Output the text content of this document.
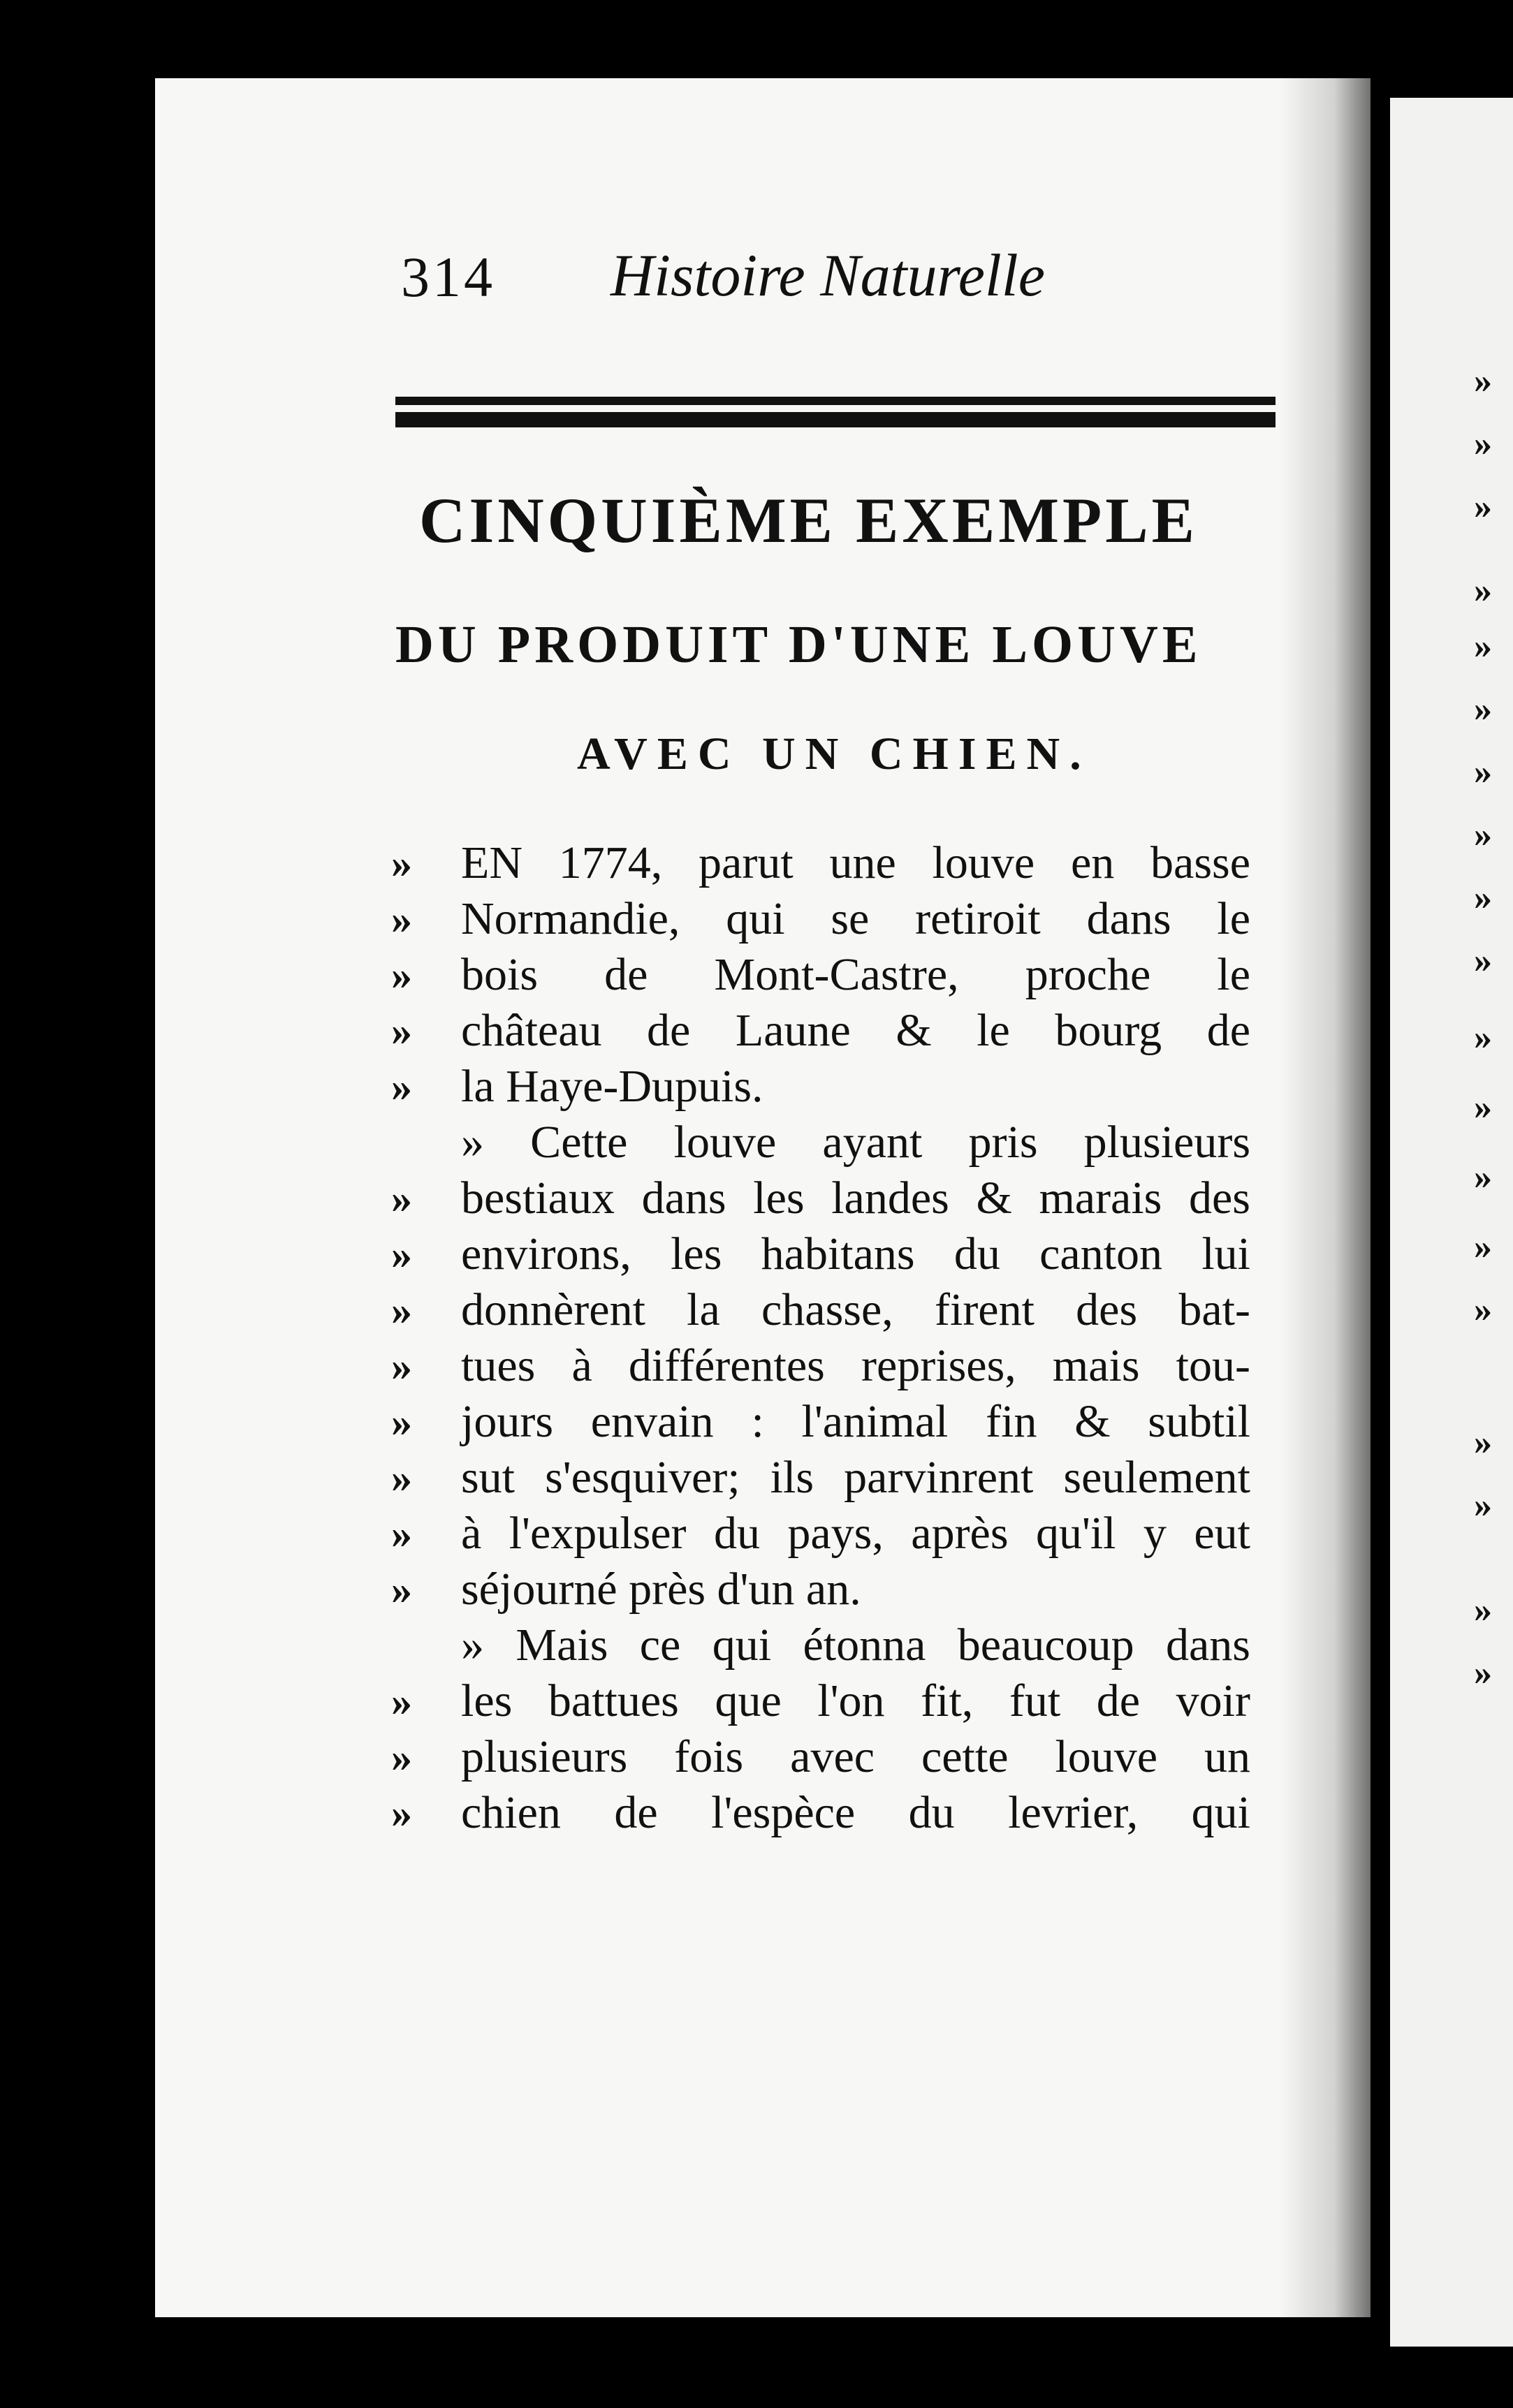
»
»
»
»
»
»
»
»
»
»
»
»
»
»
»
»
»
»
»
314 Histoire Naturelle
CINQUIÈME EXEMPLE
DU PRODUIT D'UNE LOUVE
AVEC UN CHIEN.
» EN 1774, parut une louve en basse
» Normandie, qui se retiroit dans le
» bois de Mont-Castre, proche le
» château de Laune & le bourg de
» la Haye-Dupuis.
» Cette louve ayant pris plusieurs
» bestiaux dans les landes & marais des
» environs, les habitans du canton lui
» donnèrent la chasse, firent des bat-
» tues à différentes reprises, mais tou-
» jours envain : l'animal fin & subtil
» sut s'esquiver; ils parvinrent seulement
» à l'expulser du pays, après qu'il y eut
» séjourné près d'un an.
» Mais ce qui étonna beaucoup dans
» les battues que l'on fit, fut de voir
» plusieurs fois avec cette louve un
» chien de l'espèce du levrier, qui
